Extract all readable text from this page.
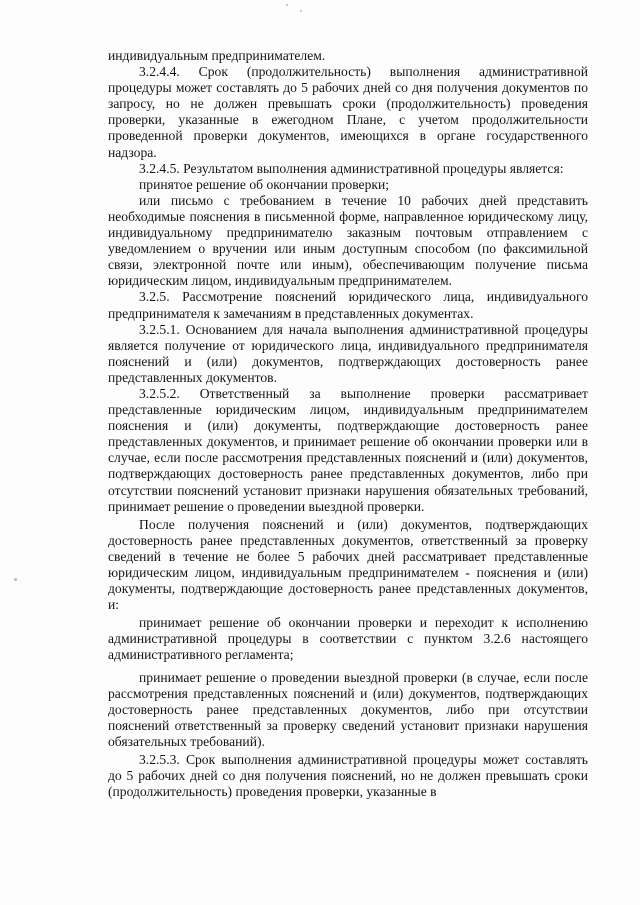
индивидуальным предпринимателем.

3.2.4.4. Срок (продолжительность) выполнения административной процедуры может составлять до 5 рабочих дней со дня получения документов по запросу, но не должен превышать сроки (продолжительность) проведения проверки, указанные в ежегодном Плане, с учетом продолжительности проведенной проверки документов, имеющихся в органе государственного надзора.

3.2.4.5. Результатом выполнения административной процедуры является:

принятое решение об окончании проверки;

или письмо с требованием в течение 10 рабочих дней представить необходимые пояснения в письменной форме, направленное юридическому лицу, индивидуальному предпринимателю заказным почтовым отправлением с уведомлением о вручении или иным доступным способом (по факсимильной связи, электронной почте или иным), обеспечивающим получение письма юридическим лицом, индивидуальным предпринимателем.

3.2.5. Рассмотрение пояснений юридического лица, индивидуального предпринимателя к замечаниям в представленных документах.

3.2.5.1. Основанием для начала выполнения административной процедуры является получение от юридического лица, индивидуального предпринимателя пояснений и (или) документов, подтверждающих достоверность ранее представленных документов.

3.2.5.2. Ответственный за выполнение проверки рассматривает представленные юридическим лицом, индивидуальным предпринимателем пояснения и (или) документы, подтверждающие достоверность ранее представленных документов, и принимает решение об окончании проверки или в случае, если после рассмотрения представленных пояснений и (или) документов, подтверждающих достоверность ранее представленных документов, либо при отсутствии пояснений установит признаки нарушения обязательных требований, принимает решение о проведении выездной проверки.

После получения пояснений и (или) документов, подтверждающих достоверность ранее представленных документов, ответственный за проверку сведений в течение не более 5 рабочих дней рассматривает представленные юридическим лицом, индивидуальным предпринимателем - пояснения и (или) документы, подтверждающие достоверность ранее представленных документов, и:

принимает решение об окончании проверки и переходит к исполнению административной процедуры в соответствии с пунктом 3.2.6 настоящего административного регламента;

принимает решение о проведении выездной проверки (в случае, если после рассмотрения представленных пояснений и (или) документов, подтверждающих достоверность ранее представленных документов, либо при отсутствии пояснений ответственный за проверку сведений установит признаки нарушения обязательных требований).

3.2.5.3. Срок выполнения административной процедуры может составлять до 5 рабочих дней со дня получения пояснений, но не должен превышать сроки (продолжительность) проведения проверки, указанные в
